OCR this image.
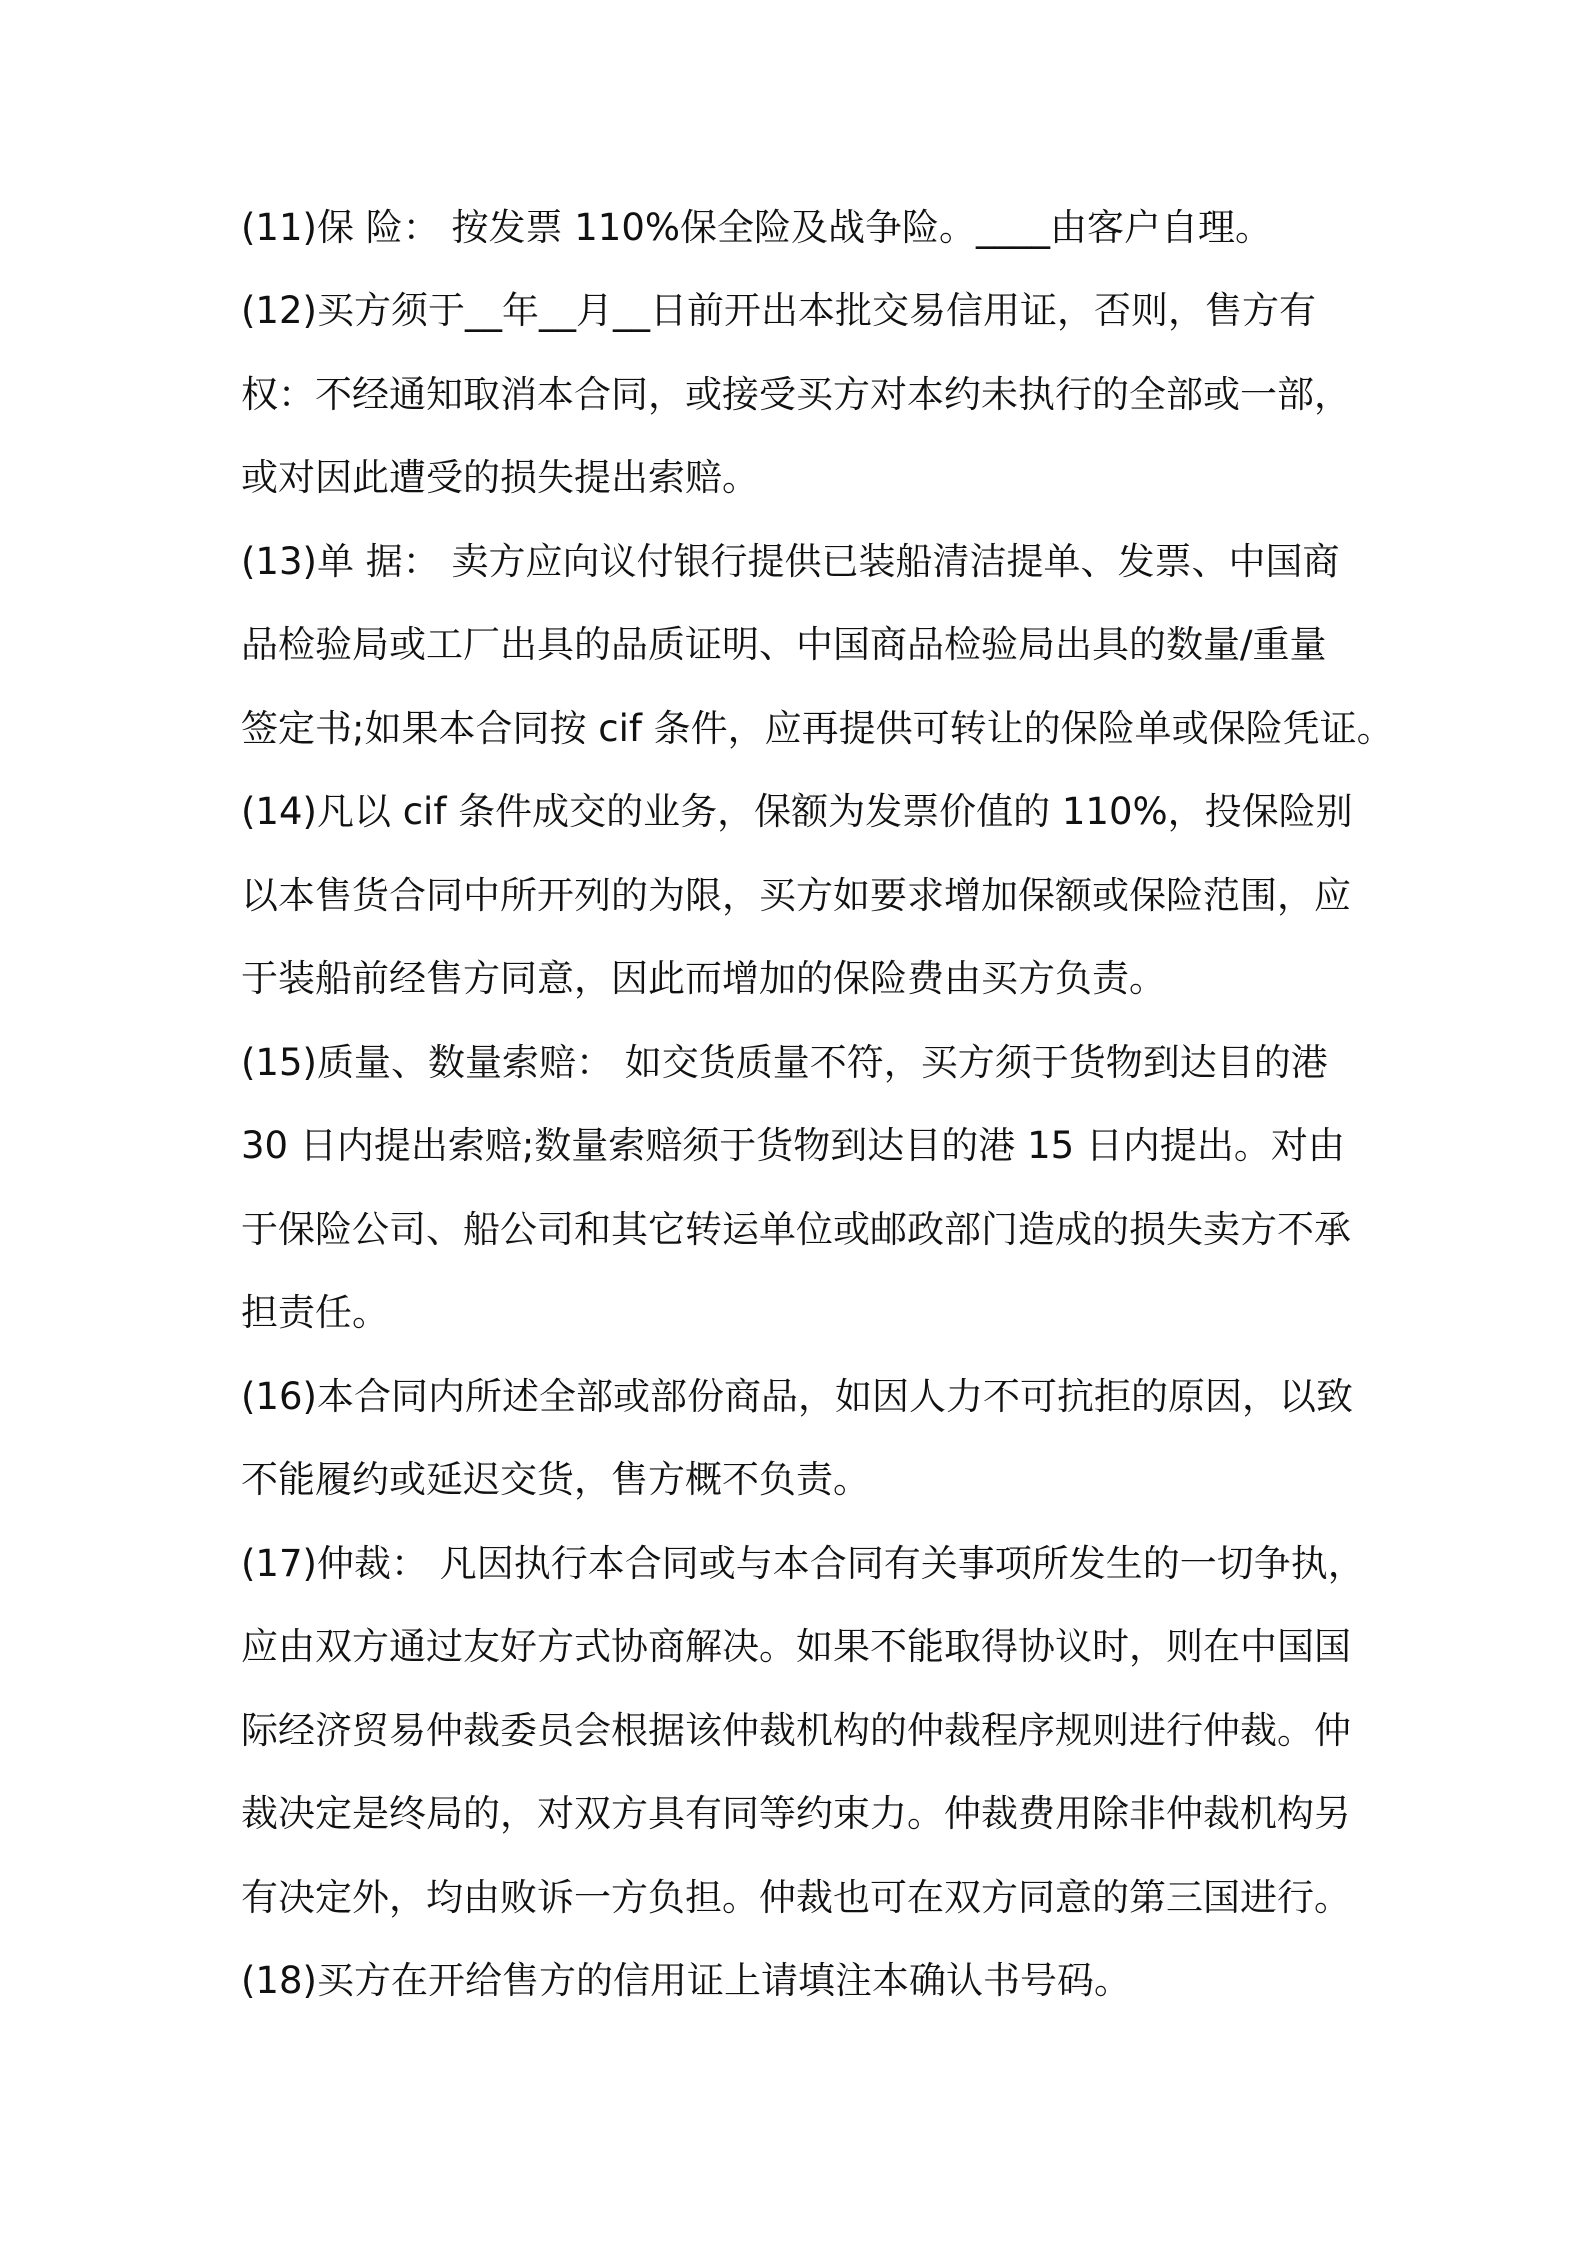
(11)保 险： 按发票 110%保全险及战争险。____由客户自理。
(12)买方须于__年__月__日前开出本批交易信用证，否则，售方有
权：不经通知取消本合同，或接受买方对本约未执行的全部或一部，
或对因此遭受的损失提出索赔。
(13)单 据： 卖方应向议付银行提供已装船清洁提单、发票、中国商
品检验局或工厂出具的品质证明、中国商品检验局出具的数量/重量
签定书;如果本合同按 cif 条件，应再提供可转让的保险单或保险凭证。
(14)凡以 cif 条件成交的业务，保额为发票价值的 110%，投保险别
以本售货合同中所开列的为限，买方如要求增加保额或保险范围，应
于装船前经售方同意，因此而增加的保险费由买方负责。
(15)质量、数量索赔： 如交货质量不符，买方须于货物到达目的港
30 日内提出索赔;数量索赔须于货物到达目的港 15 日内提出。对由
于保险公司、船公司和其它转运单位或邮政部门造成的损失卖方不承
担责任。
(16)本合同内所述全部或部份商品，如因人力不可抗拒的原因，以致
不能履约或延迟交货，售方概不负责。
(17)仲裁： 凡因执行本合同或与本合同有关事项所发生的一切争执，
应由双方通过友好方式协商解决。如果不能取得协议时，则在中国国
际经济贸易仲裁委员会根据该仲裁机构的仲裁程序规则进行仲裁。仲
裁决定是终局的，对双方具有同等约束力。仲裁费用除非仲裁机构另
有决定外，均由败诉一方负担。仲裁也可在双方同意的第三国进行。
(18)买方在开给售方的信用证上请填注本确认书号码。
